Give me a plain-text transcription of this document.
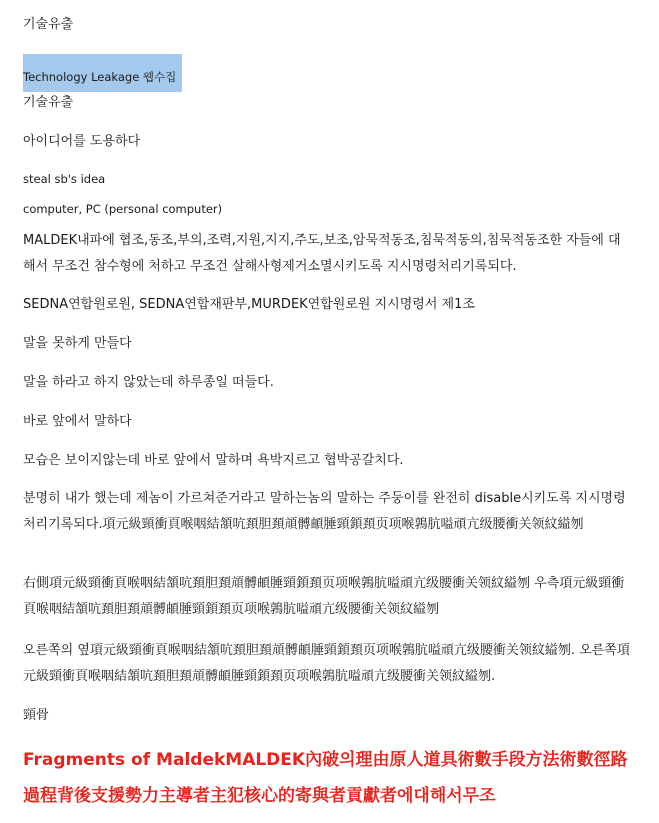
기술유출

Technology Leakage 웹수집

기술유출

아이디어를 도용하다

steal sb's idea

computer, PC (personal computer)

MALDEK내파에 협조,동조,부의,조력,지원,지지,주도,보조,암묵적동조,침묵적동의,침묵적동조한 자들에 대해서 무조건 참수형에 처하고 무조건 살해사형제거소멸시키도록 지시명령처리기록되다.

SEDNA연합원로원, SEDNA연합재판부,MURDEK연합원로원 지시명령서 제1조

말을 못하게 만들다

말을 하라고 하지 않았는데 하루종일 떠들다.

바로 앞에서 말하다

모습은 보이지않는데 바로 앞에서 말하며 욕박지르고 협박공갈치다.

분명히 내가 했는데 제놈이 가르쳐준거라고 말하는놈의 말하는 주둥이를 완전히 disable시키도록 지시명령처리기록되다.項元級頸衝頁喉咽結頷吭頚胆頚頏髆頔腄頸顉頚页项喉鶉肮嗌頑亢级腰衝关领紋縊刎

右側項元級頸衝頁喉咽結頷吭頚胆頚頏髆頔腄頸顉頚页项喉鶉肮嗌頑亢级腰衝关领紋縊刎 우측項元級頸衝頁喉咽結頷吭頚胆頚頏髆頔腄頸顉頚页项喉鶉肮嗌頑亢级腰衝关领紋縊刎

오른쪽의 옆項元級頸衝頁喉咽結頷吭頚胆頚頏髆頔腄頸顉頚页项喉鶉肮嗌頑亢级腰衝关领紋縊刎. 오른쪽項元級頸衝頁喉咽結頷吭頚胆頚頏髆頔腄頸顉頚页项喉鶉肮嗌頑亢级腰衝关领紋縊刎.

頸骨

Fragments of MaldekMALDEK內破의理由原人道具術數手段方法術數徑路過程背後支援勢力主導者主犯核心的寄與者貢獻者에대해서무조
